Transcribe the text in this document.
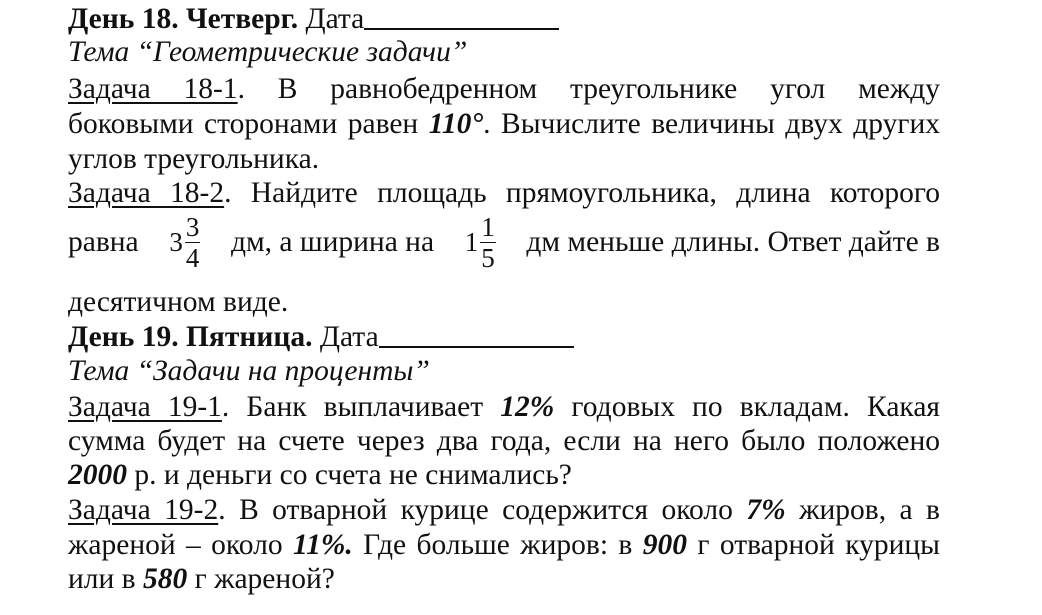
День 18. Четверг. Дата
Тема “Геометрические задачи”
Задача 18-1. В равнобедренном треугольнике угол между
боковыми сторонами равен 110°. Вычислите величины двух других
углов треугольника.
Задача 18-2. Найдите площадь прямоугольника, длина которого
равна $3 \frac{3}{4}$ дм, а ширина на $1 \frac{1}{5}$ дм меньше длины. Ответ дайте в
десятичном виде.
День 19. Пятница. Дата
Тема “Задачи на проценты”
Задача 19-1. Банк выплачивает 12% годовых по вкладам. Какая
сумма будет на счете через два года, если на него было положено
2000 р. и деньги со счета не снимались?
Задача 19-2. В отварной курице содержится около 7% жиров, а в
жареной – около 11%. Где больше жиров: в 900 г отварной курицы
или в 580 г жареной?
